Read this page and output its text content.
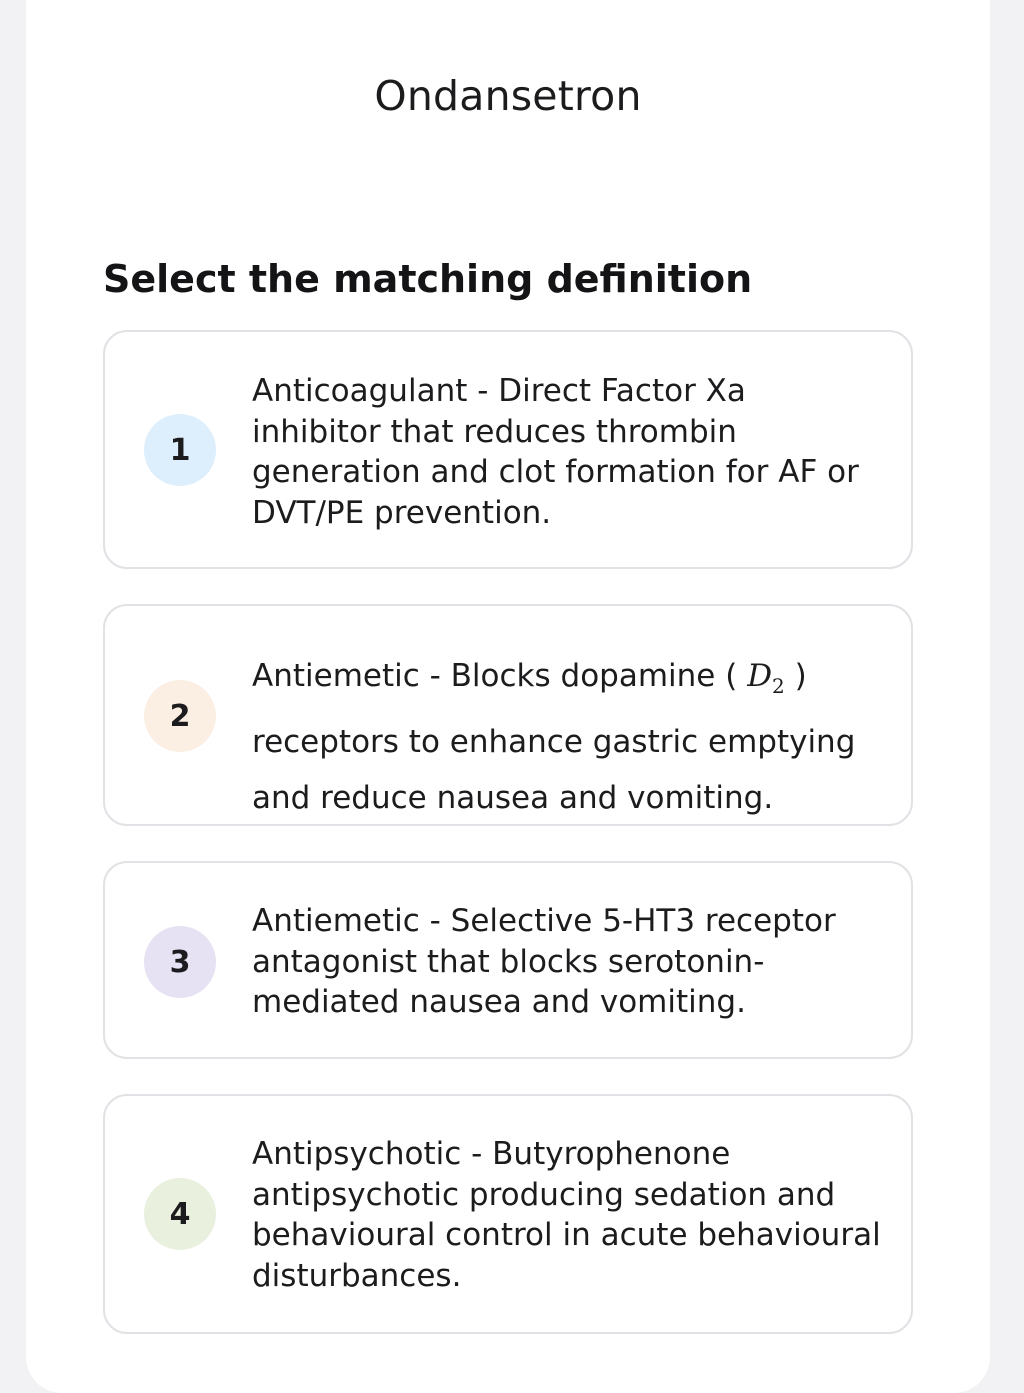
Ondansetron
Select the matching definition
1
Anticoagulant - Direct Factor Xa inhibitor that reduces thrombin generation and clot formation for AF or DVT/PE prevention.
2
Antiemetic - Blocks dopamine ( $D_2$ ) receptors to enhance gastric emptying and reduce nausea and vomiting.
3
Antiemetic - Selective 5-HT3 receptor antagonist that blocks serotonin-mediated nausea and vomiting.
4
Antipsychotic - Butyrophenone antipsychotic producing sedation and behavioural control in acute behavioural disturbances.
